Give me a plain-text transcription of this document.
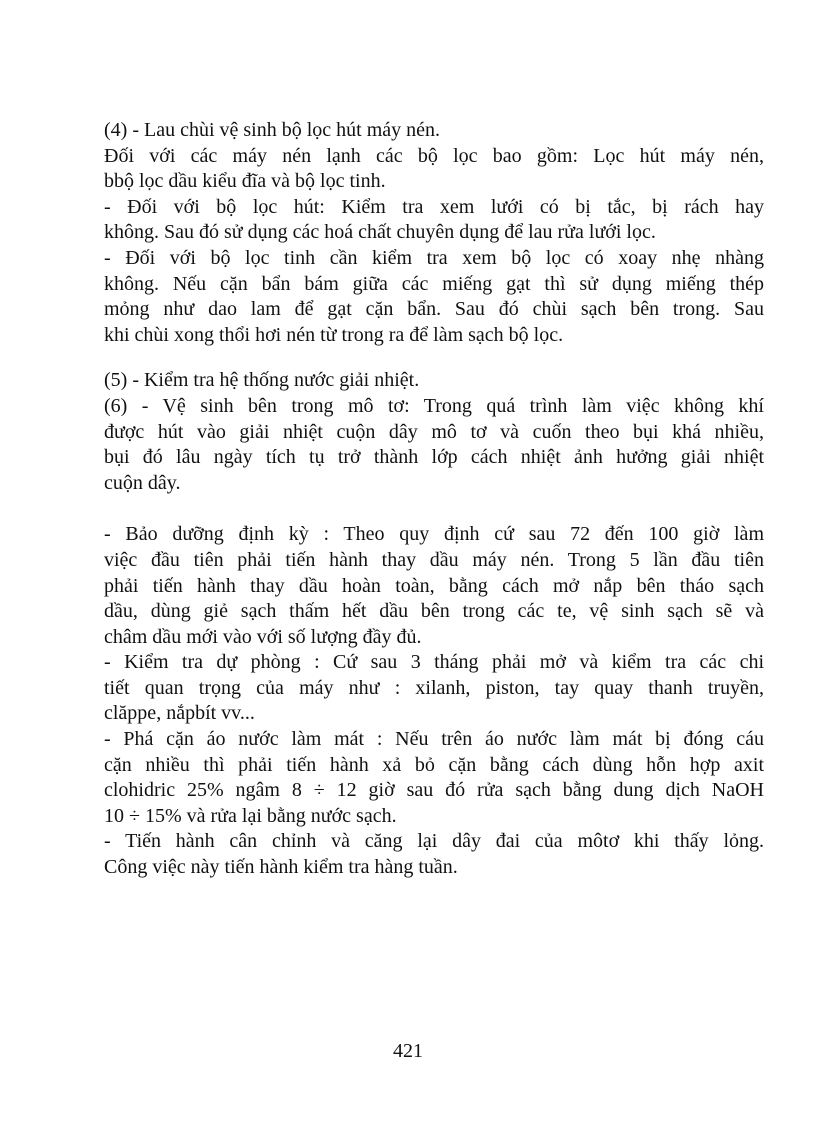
(4) - Lau chùi vệ sinh bộ lọc hút máy nén.

Đối với các máy nén lạnh các bộ lọc bao gồm: Lọc hút máy nén,
bbộ lọc dầu kiểu đĩa và bộ lọc tinh.

- Đối với bộ lọc hút: Kiểm tra xem lưới có bị tắc, bị rách hay
không. Sau đó sử dụng các hoá chất chuyên dụng để lau rửa lưới lọc.

- Đối với bộ lọc tinh cần kiểm tra xem bộ lọc có xoay nhẹ nhàng
không. Nếu cặn bẩn bám giữa các miếng gạt thì sử dụng miếng thép
mỏng như dao lam để gạt cặn bẩn. Sau đó chùi sạch bên trong. Sau
khi chùi xong thổi hơi nén từ trong ra để làm sạch bộ lọc.

(5) - Kiểm tra hệ thống nước giải nhiệt.

(6) - Vệ sinh bên trong mô tơ: Trong quá trình làm việc không khí
được hút vào giải nhiệt cuộn dây mô tơ và cuốn theo bụi khá nhiều,
bụi đó lâu ngày tích tụ trở thành lớp cách nhiệt ảnh hưởng giải nhiệt
cuộn dây.

- Bảo dưỡng định kỳ : Theo quy định cứ sau 72 đến 100 giờ làm
việc đầu tiên phải tiến hành thay dầu máy nén. Trong 5 lần đầu tiên
phải tiến hành thay dầu hoàn toàn, bằng cách mở nắp bên tháo sạch
dầu, dùng giẻ sạch thấm hết dầu bên trong các te, vệ sinh sạch sẽ và
châm dầu mới vào với số lượng đầy đủ.

- Kiểm tra dự phòng : Cứ sau 3 tháng phải mở và kiểm tra các chi
tiết quan trọng của máy như : xilanh, piston, tay quay thanh truyền,
clăppe, nắpbít vv...

- Phá cặn áo nước làm mát : Nếu trên áo nước làm mát bị đóng cáu
cặn nhiều thì phải tiến hành xả bỏ cặn bằng cách dùng hỗn hợp axit
clohidric 25% ngâm 8 ÷ 12 giờ sau đó rửa sạch bằng dung dịch NaOH
10 ÷ 15% và rửa lại bằng nước sạch.

- Tiến hành cân chỉnh và căng lại dây đai của môtơ khi thấy lỏng.
Công việc này tiến hành kiểm tra hàng tuần.

421
